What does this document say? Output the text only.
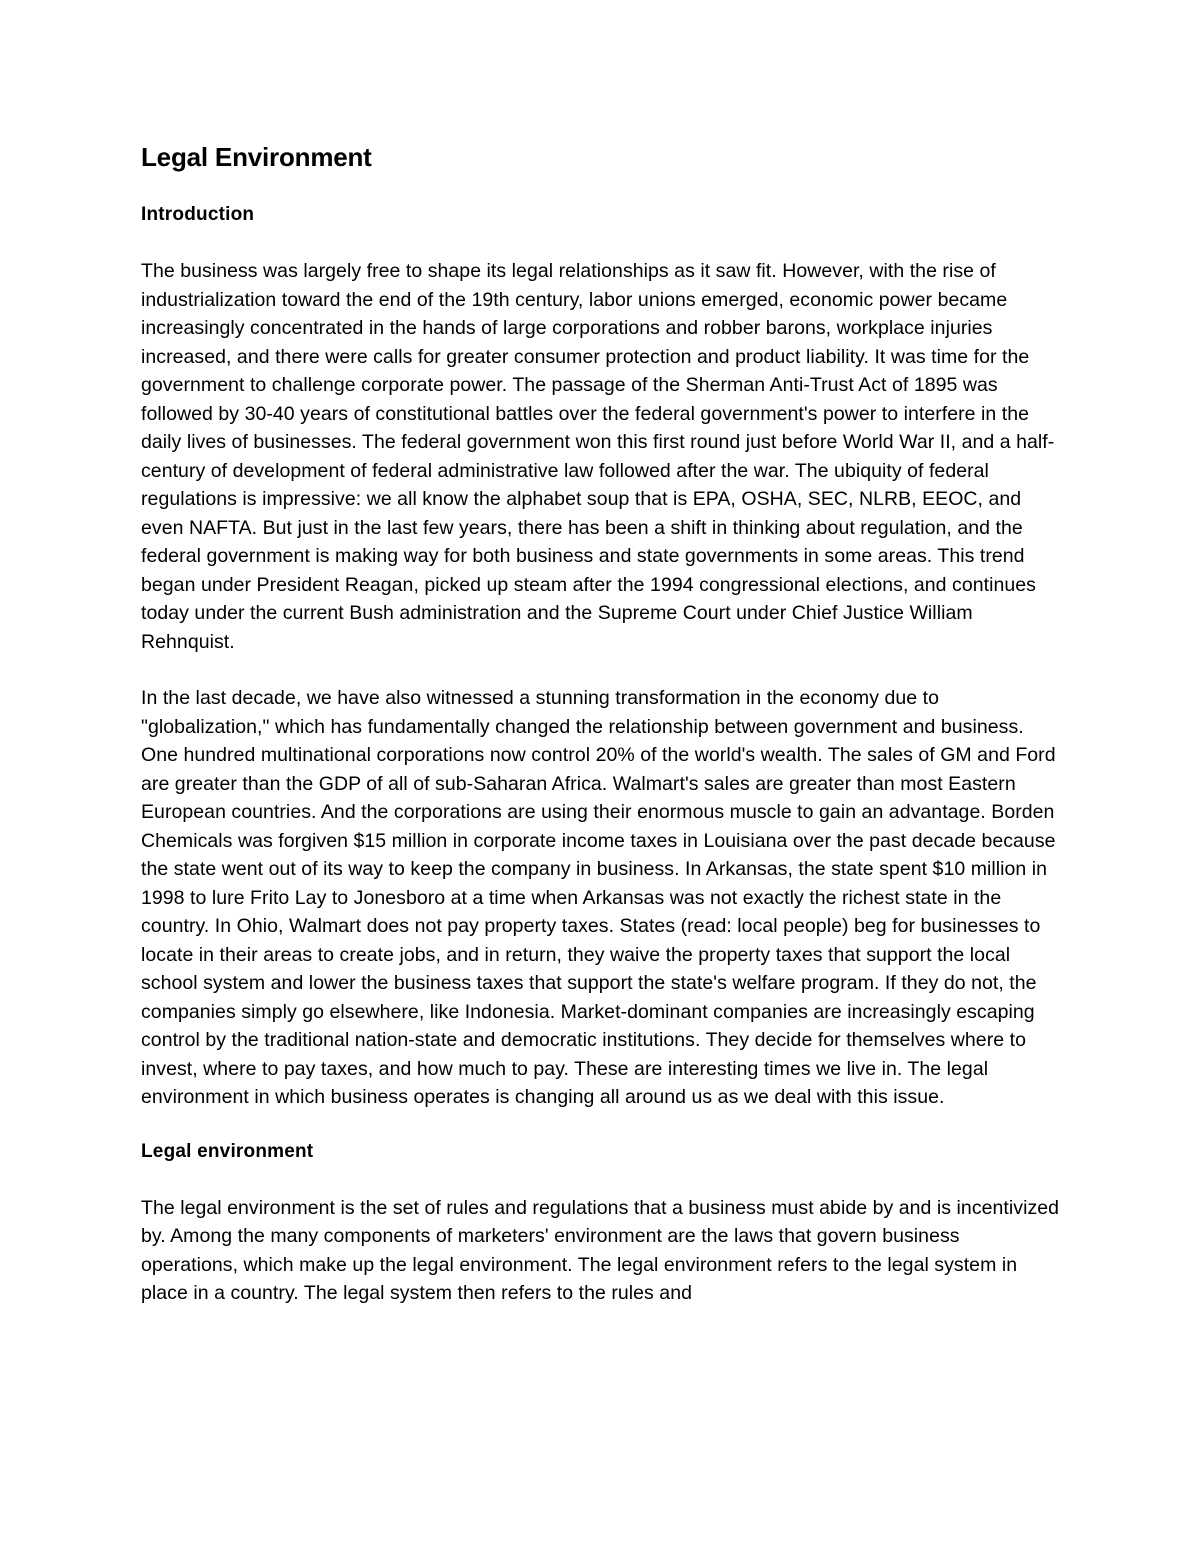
Legal Environment
Introduction

The business was largely free to shape its legal relationships as it saw fit. However, with the rise of industrialization toward the end of the 19th century, labor unions emerged, economic power became increasingly concentrated in the hands of large corporations and robber barons, workplace injuries increased, and there were calls for greater consumer protection and product liability. It was time for the government to challenge corporate power. The passage of the Sherman Anti-Trust Act of 1895 was followed by 30-40 years of constitutional battles over the federal government's power to interfere in the daily lives of businesses. The federal government won this first round just before World War II, and a half-century of development of federal administrative law followed after the war. The ubiquity of federal regulations is impressive: we all know the alphabet soup that is EPA, OSHA, SEC, NLRB, EEOC, and even NAFTA. But just in the last few years, there has been a shift in thinking about regulation, and the federal government is making way for both business and state governments in some areas. This trend began under President Reagan, picked up steam after the 1994 congressional elections, and continues today under the current Bush administration and the Supreme Court under Chief Justice William Rehnquist.

In the last decade, we have also witnessed a stunning transformation in the economy due to "globalization," which has fundamentally changed the relationship between government and business. One hundred multinational corporations now control 20% of the world's wealth. The sales of GM and Ford are greater than the GDP of all of sub-Saharan Africa. Walmart's sales are greater than most Eastern European countries. And the corporations are using their enormous muscle to gain an advantage. Borden Chemicals was forgiven $15 million in corporate income taxes in Louisiana over the past decade because the state went out of its way to keep the company in business. In Arkansas, the state spent $10 million in 1998 to lure Frito Lay to Jonesboro at a time when Arkansas was not exactly the richest state in the country. In Ohio, Walmart does not pay property taxes. States (read: local people) beg for businesses to locate in their areas to create jobs, and in return, they waive the property taxes that support the local school system and lower the business taxes that support the state's welfare program. If they do not, the companies simply go elsewhere, like Indonesia. Market-dominant companies are increasingly escaping control by the traditional nation-state and democratic institutions. They decide for themselves where to invest, where to pay taxes, and how much to pay. These are interesting times we live in. The legal environment in which business operates is changing all around us as we deal with this issue.

Legal environment

The legal environment is the set of rules and regulations that a business must abide by and is incentivized by. Among the many components of marketers' environment are the laws that govern business operations, which make up the legal environment. The legal environment refers to the legal system in place in a country. The legal system then refers to the rules and
